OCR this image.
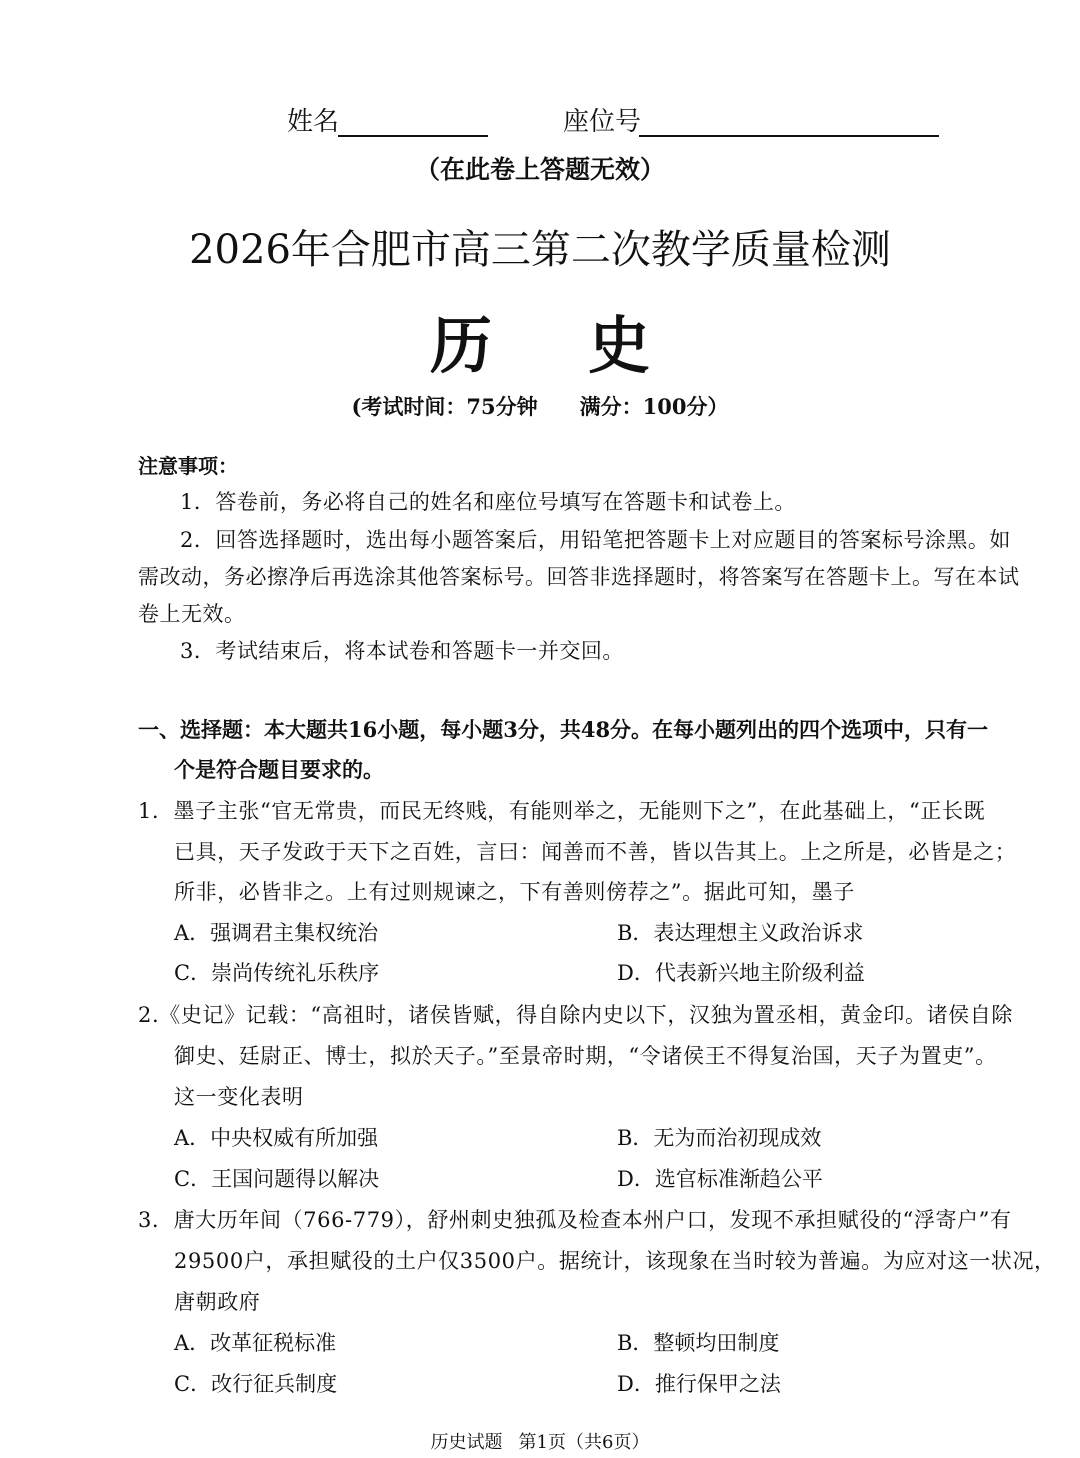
姓名	座位号
（在此卷上答题无效）
2026年合肥市高三第二次教学质量检测
历史
(考试时间：75分钟 满分：100分）
注意事项：
1．答卷前，务必将自己的姓名和座位号填写在答题卡和试卷上。
2．回答选择题时，选出每小题答案后，用铅笔把答题卡上对应题目的答案标号涂黑。如需改动，务必擦净后再选涂其他答案标号。回答非选择题时，将答案写在答题卡上。写在本试卷上无效。
3．考试结束后，将本试卷和答题卡一并交回。
一、选择题：本大题共16小题，每小题3分，共48分。在每小题列出的四个选项中，只有一
个是符合题目要求的。
1．墨子主张“官无常贵，而民无终贱，有能则举之，无能则下之”，在此基础上，“正长既
已具，天子发政于天下之百姓，言曰：闻善而不善，皆以告其上。上之所是，必皆是之；
所非，必皆非之。上有过则规谏之，下有善则傍荐之”。据此可知，墨子
A．强调君主集权统治	B．表达理想主义政治诉求
C．崇尚传统礼乐秩序	D．代表新兴地主阶级利益
2.《史记》记载：“高祖时，诸侯皆赋，得自除内史以下，汉独为置丞相，黄金印。诸侯自除
御史、廷尉正、博士，拟於天子。”至景帝时期，“令诸侯王不得复治国，天子为置吏”。
这一变化表明
A．中央权威有所加强	B．无为而治初现成效
C．王国问题得以解决	D．选官标准渐趋公平
3．唐大历年间（766-779），舒州刺史独孤及检查本州户口，发现不承担赋役的“浮寄户”有
29500户，承担赋役的土户仅3500户。据统计，该现象在当时较为普遍。为应对这一状况，
唐朝政府
A．改革征税标准	B．整顿均田制度
C．改行征兵制度	D．推行保甲之法
历史试题 第1页（共6页）
